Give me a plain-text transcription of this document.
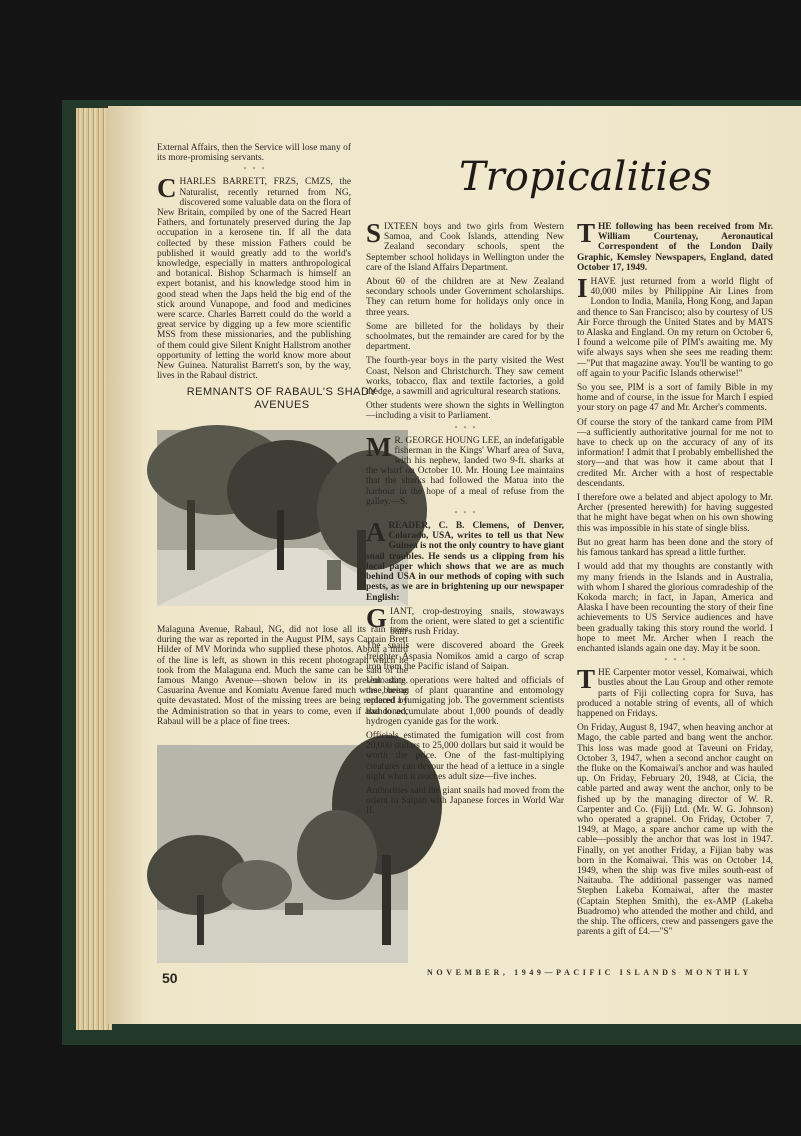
External Affairs, then the Service will lose many of its more-promising servants.

*    *    *

CHARLES BARRETT, FRZS, CMZS, the Naturalist, recently returned from NG, discovered some valuable data on the flora of New Britain, compiled by one of the Sacred Heart Fathers, and fortunately preserved during the Jap occupation in a kerosene tin. If all the data collected by these mission Fathers could be published it would greatly add to the world's knowledge, especially in matters anthropological and botanical. Bishop Scharmach is himself an expert botanist, and his knowledge stood him in good stead when the Japs held the big end of the stick around Vunapope, and food and medicines were scarce. Charles Barrett could do the world a great service by digging up a few more scientific MSS from these missionaries, and the publishing of them could give Silent Knight Hallstrom another opportunity of letting the world know more about New Guinea. Naturalist Barrett's son, by the way, lives in the Rabaul district.

REMNANTS OF RABAUL'S SHADY AVENUES

Malaguna Avenue, Rabaul, NG, did not lose all its rain trees during the war as reported in the August PIM, says Captain Brett Hilder of MV Morinda who supplied these photos. About a third of the line is left, as shown in this recent photograph which he took from the Malaguna end. Much the same can be said of the famous Mango Avenue—shown below in its present state. Casuarina Avenue and Komiatu Avenue fared much worse, being quite devastated. Most of the missing trees are being replaced by the Administration so that in years to come, even if abandoned, Rabaul will be a place of fine trees.

Tropicalities

SIXTEEN boys and two girls from Western Samoa, and Cook Islands, attending New Zealand secondary schools, spent the September school holidays in Wellington under the care of the Island Affairs Department.

About 60 of the children are at New Zealand secondary schools under Government scholarships. They can return home for holidays only once in three years.

Some are billeted for the holidays by their schoolmates, but the remainder are cared for by the department.

The fourth-year boys in the party visited the West Coast, Nelson and Christchurch. They saw cement works, tobacco, flax and textile factories, a gold dredge, a sawmill and agricultural research stations.

Other students were shown the sights in Wellington—including a visit to Parliament.

*    *    *

M R. GEORGE HOUNG LEE, an indefatigable fisherman in the Kings' Wharf area of Suva, with his nephew, landed two 9-ft. sharks at the wharf on October 10. Mr. Houng Lee maintains that the sharks had followed the Matua into the harbour in the hope of a meal of refuse from the galley.—S.

*    *    *

AREADER, C. B. Clemens, of Denver, Colorado, USA, writes to tell us that New Guinea is not the only country to have giant snail troubles. He sends us a clipping from his local paper which shows that we are as much behind USA in our methods of coping with such pests, as we are in brightening up our newspaper English:

GIANT, crop-destroying snails, stowaways from the orient, were slated to get a scientific bum's rush Friday.

The snails were discovered aboard the Greek freighter Aspasia Nomikos amid a cargo of scrap iron from the Pacific island of Saipan.

Unloading operations were halted and officials of the bureau of plant quarantine and entomology ordered a fumigating job. The government scientists had to accumulate about 1,000 pounds of deadly hydrogen cyanide gas for the work.

Officials estimated the fumigation will cost from 20,000 dollars to 25,000 dollars but said it would be worth the price. One of the fast-multiplying creatures can devour the head of a lettuce in a single night when it reaches adult size—five inches.

Authorities said the giant snails had moved from the orient to Saipan with Japanese forces in World War II.

THE following has been received from Mr. William Courtenay, Aeronautical Correspondent of the London Daily Graphic, Kemsley Newspapers, England, dated October 17, 1949.

IHAVE just returned from a world flight of 40,000 miles by Philippine Air Lines from London to India, Manila, Hong Kong, and Japan and thence to San Francisco; also by courtesy of US Air Force through the United States and by MATS to Alaska and England. On my return on October 6, I found a welcome pile of PIM's awaiting me. My wife always says when she sees me reading them:—"Put that magazine away. You'll be wanting to go off again to your Pacific Islands otherwise!"

So you see, PIM is a sort of family Bible in my home and of course, in the issue for March I espied your story on page 47 and Mr. Archer's comments.

Of course the story of the tankard came from PIM—a sufficiently authoritative journal for me not to have to check up on the accuracy of any of its information! I admit that I probably embellished the story—and that was how it came about that I credited Mr. Archer with a host of respectable descendants.

I therefore owe a belated and abject apology to Mr. Archer (presented herewith) for having suggested that he might have begat when on his own showing this was impossible in his state of single bliss.

But no great harm has been done and the story of his famous tankard has spread a little further.

I would add that my thoughts are constantly with my many friends in the Islands and in Australia, with whom I shared the glorious comradeship of the Kokoda march; in fact, in Japan, America and Alaska I have been recounting the story of their fine achievements to US Service audiences and have been gradually taking this story round the world. I hope to meet Mr. Archer when I reach the enchanted islands again one day. May it be soon.

*    *    *

THE Carpenter motor vessel, Komaiwai, which bustles about the Lau Group and other remote parts of Fiji collecting copra for Suva, has produced a notable string of events, all of which happened on Fridays.

On Friday, August 8, 1947, when heaving anchor at Mago, the cable parted and bang went the anchor. This loss was made good at Taveuni on Friday, October 3, 1947, when a second anchor caught on the fluke on the Komaiwai's anchor and was hauled up. On Friday, February 20, 1948, at Cicia, the cable parted and away went the anchor, only to be fished up by the managing director of W. R. Carpenter and Co. (Fiji) Ltd. (Mr. W. G. Johnson) who operated a grapnel. On Friday, October 7, 1949, at Mago, a spare anchor came up with the cable—possibly the anchor that was lost in 1947. Finally, on yet another Friday, a Fijian baby was born in the Komaiwai. This was on October 14, 1949, when the ship was five miles south-east of Naitauba. The additional passenger was named Stephen Lakeba Komaiwai, after the master (Captain Stephen Smith), the ex-AMP (Lakeba Buadromo) who attended the mother and child, and the ship. The officers, crew and passengers gave the parents a gift of £4.—"S"

50	NOVEMBER, 1949—PACIFIC ISLANDS MONTHLY
